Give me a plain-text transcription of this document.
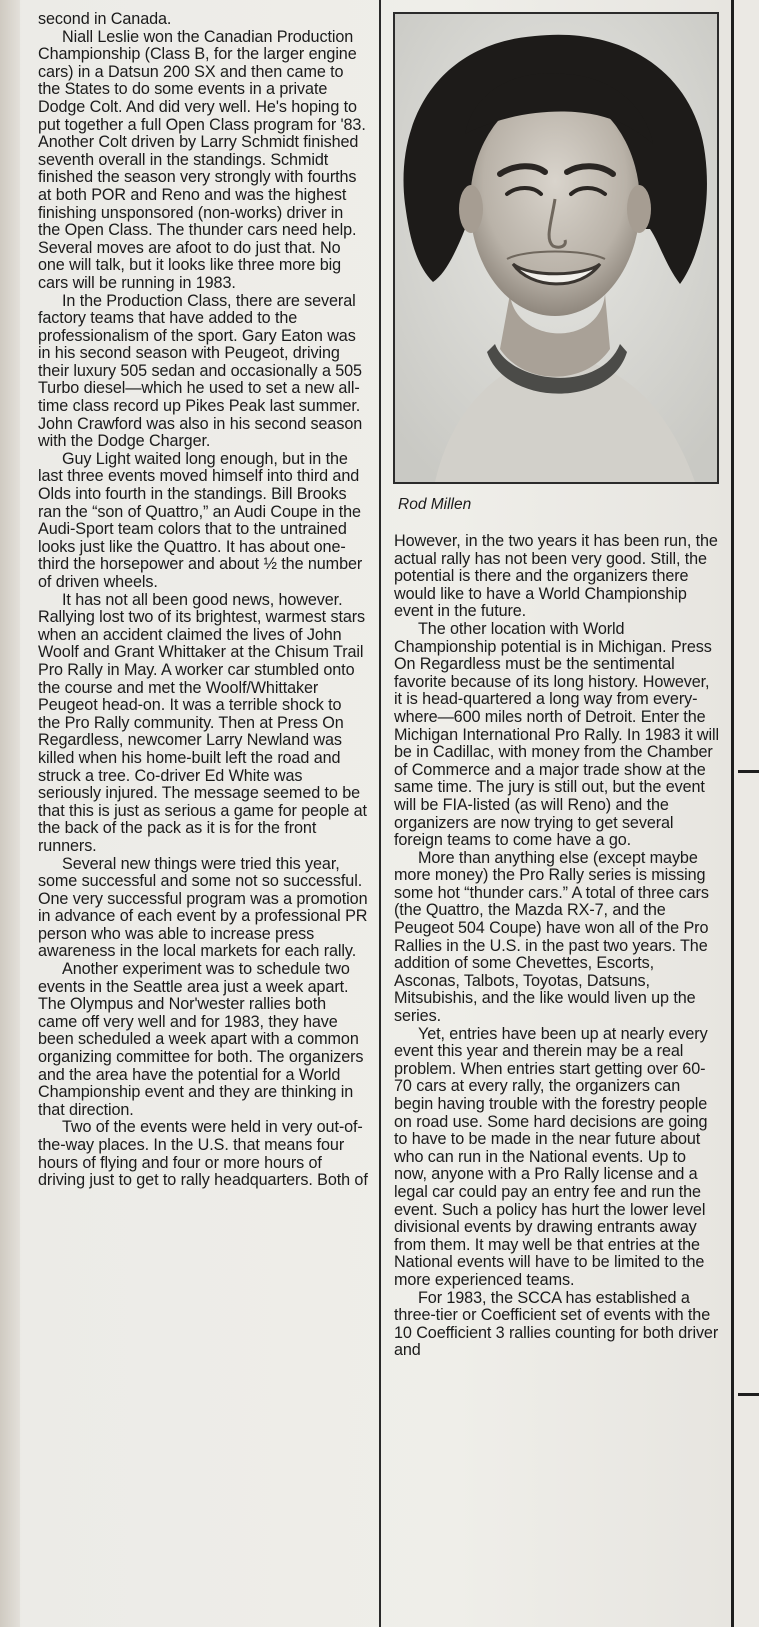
second in Canada.

Niall Leslie won the Canadian Production Championship (Class B, for the larger engine cars) in a Datsun 200 SX and then came to the States to do some events in a private Dodge Colt. And did very well. He's hoping to put together a full Open Class program for '83. Another Colt driven by Larry Schmidt finished seventh overall in the standings. Schmidt finished the season very strongly with fourths at both POR and Reno and was the highest finishing unsponsored (non-works) driver in the Open Class. The thunder cars need help. Several moves are afoot to do just that. No one will talk, but it looks like three more big cars will be running in 1983.

In the Production Class, there are several factory teams that have added to the professionalism of the sport. Gary Eaton was in his second season with Peugeot, driving their luxury 505 sedan and occasionally a 505 Turbo diesel—which he used to set a new all-time class record up Pikes Peak last summer. John Crawford was also in his second season with the Dodge Charger.

Guy Light waited long enough, but in the last three events moved himself into third and Olds into fourth in the standings. Bill Brooks ran the “son of Quattro,” an Audi Coupe in the Audi-Sport team colors that to the untrained looks just like the Quattro. It has about one-third the horsepower and about ½ the number of driven wheels.

It has not all been good news, however. Rallying lost two of its brightest, warmest stars when an accident claimed the lives of John Woolf and Grant Whittaker at the Chisum Trail Pro Rally in May. A worker car stumbled onto the course and met the Woolf/Whittaker Peugeot head-on. It was a terrible shock to the Pro Rally community. Then at Press On Regardless, newcomer Larry Newland was killed when his home-built left the road and struck a tree. Co-driver Ed White was seriously injured. The message seemed to be that this is just as serious a game for people at the back of the pack as it is for the front runners.

Several new things were tried this year, some successful and some not so successful. One very successful program was a promotion in advance of each event by a professional PR person who was able to increase press awareness in the local markets for each rally.

Another experiment was to schedule two events in the Seattle area just a week apart. The Olympus and Nor'wester rallies both came off very well and for 1983, they have been scheduled a week apart with a common organizing committee for both. The organizers and the area have the potential for a World Championship event and they are thinking in that direction.

Two of the events were held in very out-of-the-way places. In the U.S. that means four hours of flying and four or more hours of driving just to get to rally headquarters. Both of

Rod Millen

However, in the two years it has been run, the actual rally has not been very good. Still, the potential is there and the organizers there would like to have a World Championship event in the future.

The other location with World Championship potential is in Michigan. Press On Regardless must be the sentimental favorite because of its long history. However, it is head-quartered a long way from every-where—600 miles north of Detroit. Enter the Michigan International Pro Rally. In 1983 it will be in Cadillac, with money from the Chamber of Commerce and a major trade show at the same time. The jury is still out, but the event will be FIA-listed (as will Reno) and the organizers are now trying to get several foreign teams to come have a go.

More than anything else (except maybe more money) the Pro Rally series is missing some hot “thunder cars.” A total of three cars (the Quattro, the Mazda RX-7, and the Peugeot 504 Coupe) have won all of the Pro Rallies in the U.S. in the past two years. The addition of some Chevettes, Escorts, Asconas, Talbots, Toyotas, Datsuns, Mitsubishis, and the like would liven up the series.

Yet, entries have been up at nearly every event this year and therein may be a real problem. When entries start getting over 60-70 cars at every rally, the organizers can begin having trouble with the forestry people on road use. Some hard decisions are going to have to be made in the near future about who can run in the National events. Up to now, anyone with a Pro Rally license and a legal car could pay an entry fee and run the event. Such a policy has hurt the lower level divisional events by drawing entrants away from them. It may well be that entries at the National events will have to be limited to the more experienced teams.

For 1983, the SCCA has established a three-tier or Coefficient set of events with the 10 Coefficient 3 rallies counting for both driver and
